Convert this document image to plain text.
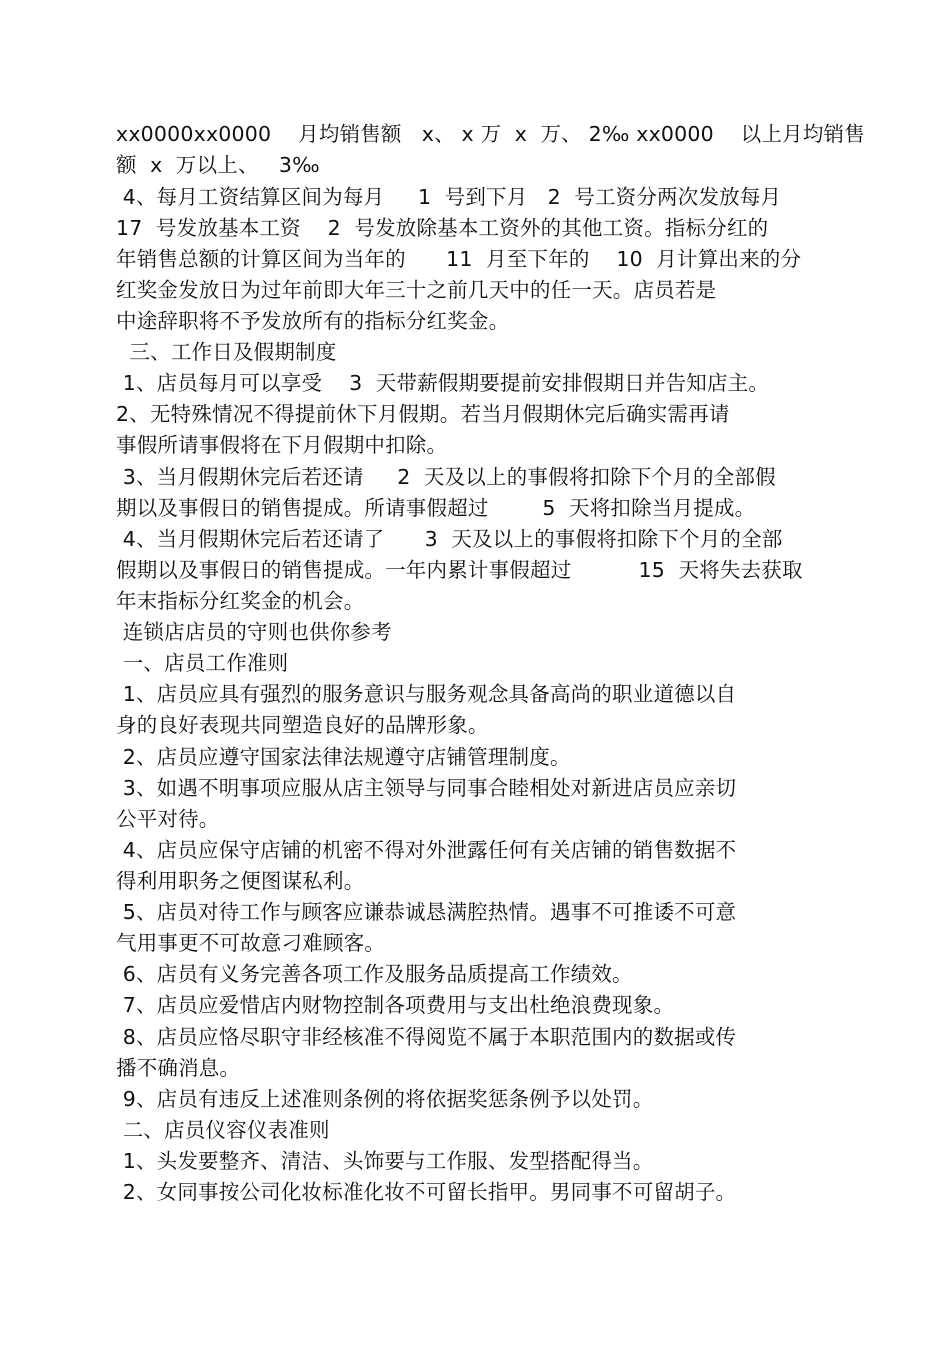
xx0000xx0000    月均销售额   x、 x 万  x  万、 2‰ xx0000    以上月均销售

额  x  万以上、   3‰

4、每月工资结算区间为每月     1  号到下月   2  号工资分两次发放每月

17  号发放基本工资    2  号发放除基本工资外的其他工资。指标分红的

年销售总额的计算区间为当年的      11  月至下年的    10  月计算出来的分

红奖金发放日为过年前即大年三十之前几天中的任一天。店员若是

中途辞职将不予发放所有的指标分红奖金。

三、工作日及假期制度

1、店员每月可以享受    3  天带薪假期要提前安排假期日并告知店主。

2、无特殊情况不得提前休下月假期。若当月假期休完后确实需再请

事假所请事假将在下月假期中扣除。

3、当月假期休完后若还请     2  天及以上的事假将扣除下个月的全部假

期以及事假日的销售提成。所请事假超过        5  天将扣除当月提成。

4、当月假期休完后若还请了      3  天及以上的事假将扣除下个月的全部

假期以及事假日的销售提成。一年内累计事假超过          15  天将失去获取

年末指标分红奖金的机会。

连锁店店员的守则也供你参考

一、店员工作准则

1、店员应具有强烈的服务意识与服务观念具备高尚的职业道德以自

身的良好表现共同塑造良好的品牌形象。

2、店员应遵守国家法律法规遵守店铺管理制度。

3、如遇不明事项应服从店主领导与同事合睦相处对新进店员应亲切

公平对待。

4、店员应保守店铺的机密不得对外泄露任何有关店铺的销售数据不

得利用职务之便图谋私利。

5、店员对待工作与顾客应谦恭诚恳满腔热情。遇事不可推诿不可意

气用事更不可故意刁难顾客。

6、店员有义务完善各项工作及服务品质提高工作绩效。

7、店员应爱惜店内财物控制各项费用与支出杜绝浪费现象。

8、店员应恪尽职守非经核准不得阅览不属于本职范围内的数据或传

播不确消息。

9、店员有违反上述准则条例的将依据奖惩条例予以处罚。

二、店员仪容仪表准则

1、头发要整齐、清洁、头饰要与工作服、发型搭配得当。

2、女同事按公司化妆标准化妆不可留长指甲。男同事不可留胡子。
